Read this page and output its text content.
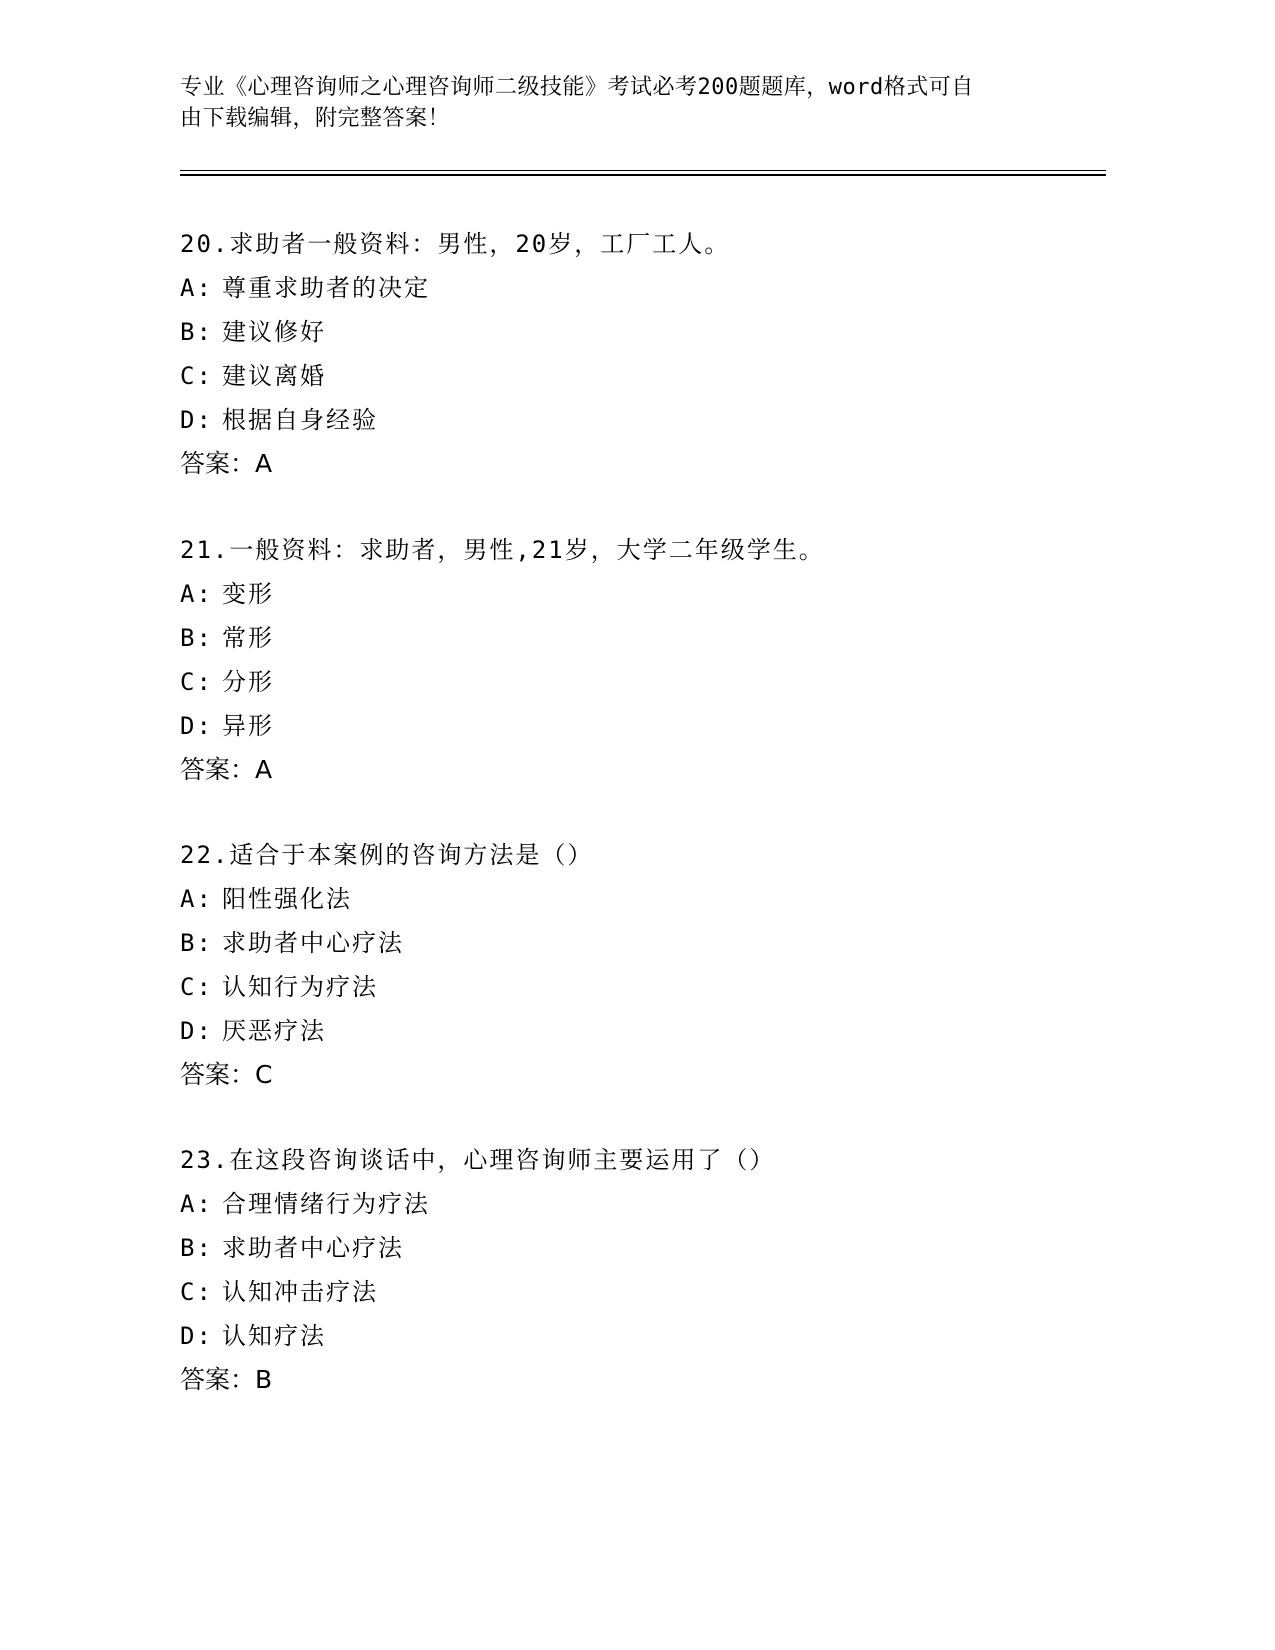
专业《心理咨询师之心理咨询师二级技能》考试必考200题题库，word格式可自
由下载编辑，附完整答案！
20.求助者一般资料：男性，20岁，工厂工人。
A: 尊重求助者的决定
B: 建议修好
C: 建议离婚
D: 根据自身经验
答案：A
21.一般资料：求助者，男性,21岁，大学二年级学生。
A: 变形
B: 常形
C: 分形
D: 异形
答案：A
22.适合于本案例的咨询方法是（）
A: 阳性强化法
B: 求助者中心疗法
C: 认知行为疗法
D: 厌恶疗法
答案：C
23.在这段咨询谈话中，心理咨询师主要运用了（）
A: 合理情绪行为疗法
B: 求助者中心疗法
C: 认知冲击疗法
D: 认知疗法
答案：B
